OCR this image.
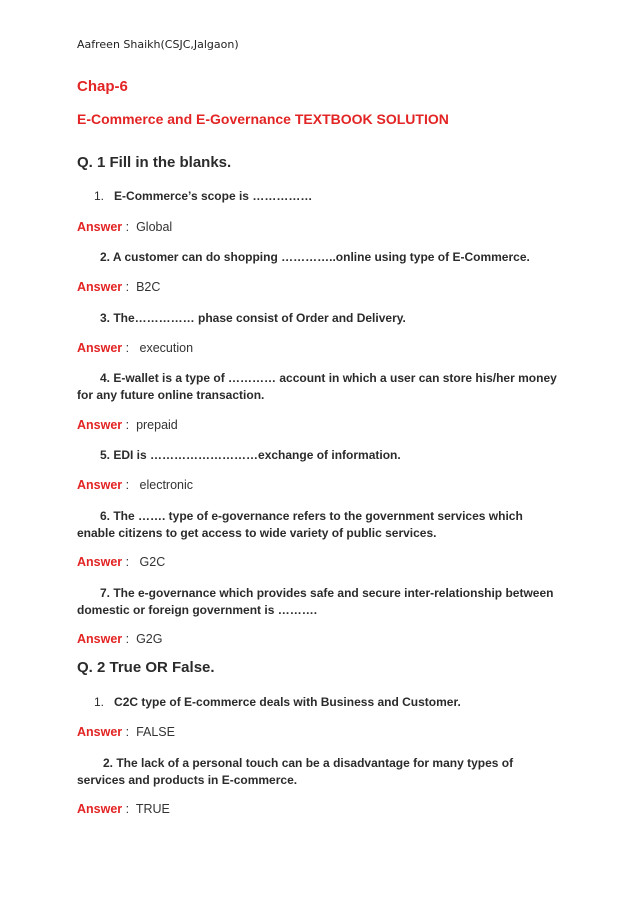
Aafreen Shaikh(CSJC,Jalgaon)
Chap-6
E-Commerce and E-Governance TEXTBOOK SOLUTION
Q. 1 Fill in the blanks.
1. E-Commerce’s scope is ……………
Answer :  Global
2. A customer can do shopping …………..online using type of E-Commerce.
Answer :  B2C
3. The…………… phase consist of Order and Delivery.
Answer :   execution
4. E-wallet is a type of ………… account in which a user can store his/her money
for any future online transaction.
Answer :  prepaid
5. EDI is ………………………exchange of information.
Answer :   electronic
6. The ……. type of e-governance refers to the government services which
enable citizens to get access to wide variety of public services.
Answer :   G2C
7. The e-governance which provides safe and secure inter-relationship between
domestic or foreign government is ……….
Answer :  G2G
Q. 2 True OR False.
1. C2C type of E-commerce deals with Business and Customer.
Answer :  FALSE
2. The lack of a personal touch can be a disadvantage for many types of
services and products in E-commerce.
Answer :  TRUE
